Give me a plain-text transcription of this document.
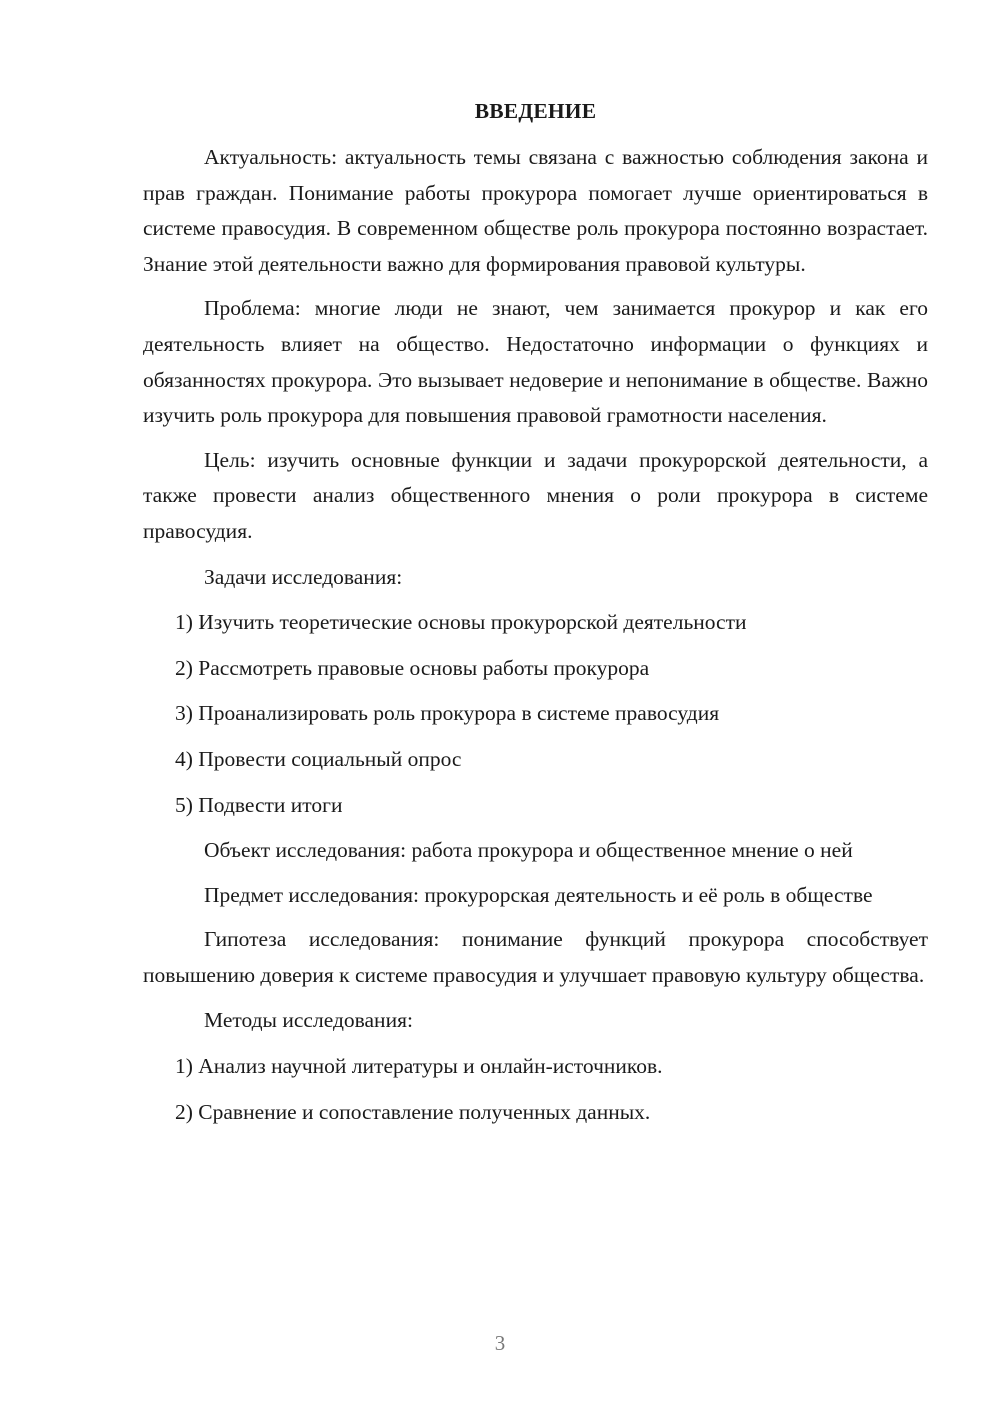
ВВЕДЕНИЕ

Актуальность: актуальность темы связана с важностью соблюдения закона и прав граждан. Понимание работы прокурора помогает лучше ориентироваться в системе правосудия. В современном обществе роль прокурора постоянно возрастает. Знание этой деятельности важно для формирования правовой культуры.

Проблема: многие люди не знают, чем занимается прокурор и как его деятельность влияет на общество. Недостаточно информации о функциях и обязанностях прокурора. Это вызывает недоверие и непонимание в обществе. Важно изучить роль прокурора для повышения правовой грамотности населения.

Цель: изучить основные функции и задачи прокурорской деятельности, а также провести анализ общественного мнения о роли прокурора в системе правосудия.

Задачи исследования:

1) Изучить теоретические основы прокурорской деятельности
2) Рассмотреть правовые основы работы прокурора
3) Проанализировать роль прокурора в системе правосудия
4) Провести социальный опрос
5) Подвести итоги

Объект исследования: работа прокурора и общественное мнение о ней

Предмет исследования: прокурорская деятельность и её роль в обществе

Гипотеза исследования: понимание функций прокурора способствует повышению доверия к системе правосудия и улучшает правовую культуру общества.

Методы исследования:

1) Анализ научной литературы и онлайн-источников.
2) Сравнение и сопоставление полученных данных.
3
